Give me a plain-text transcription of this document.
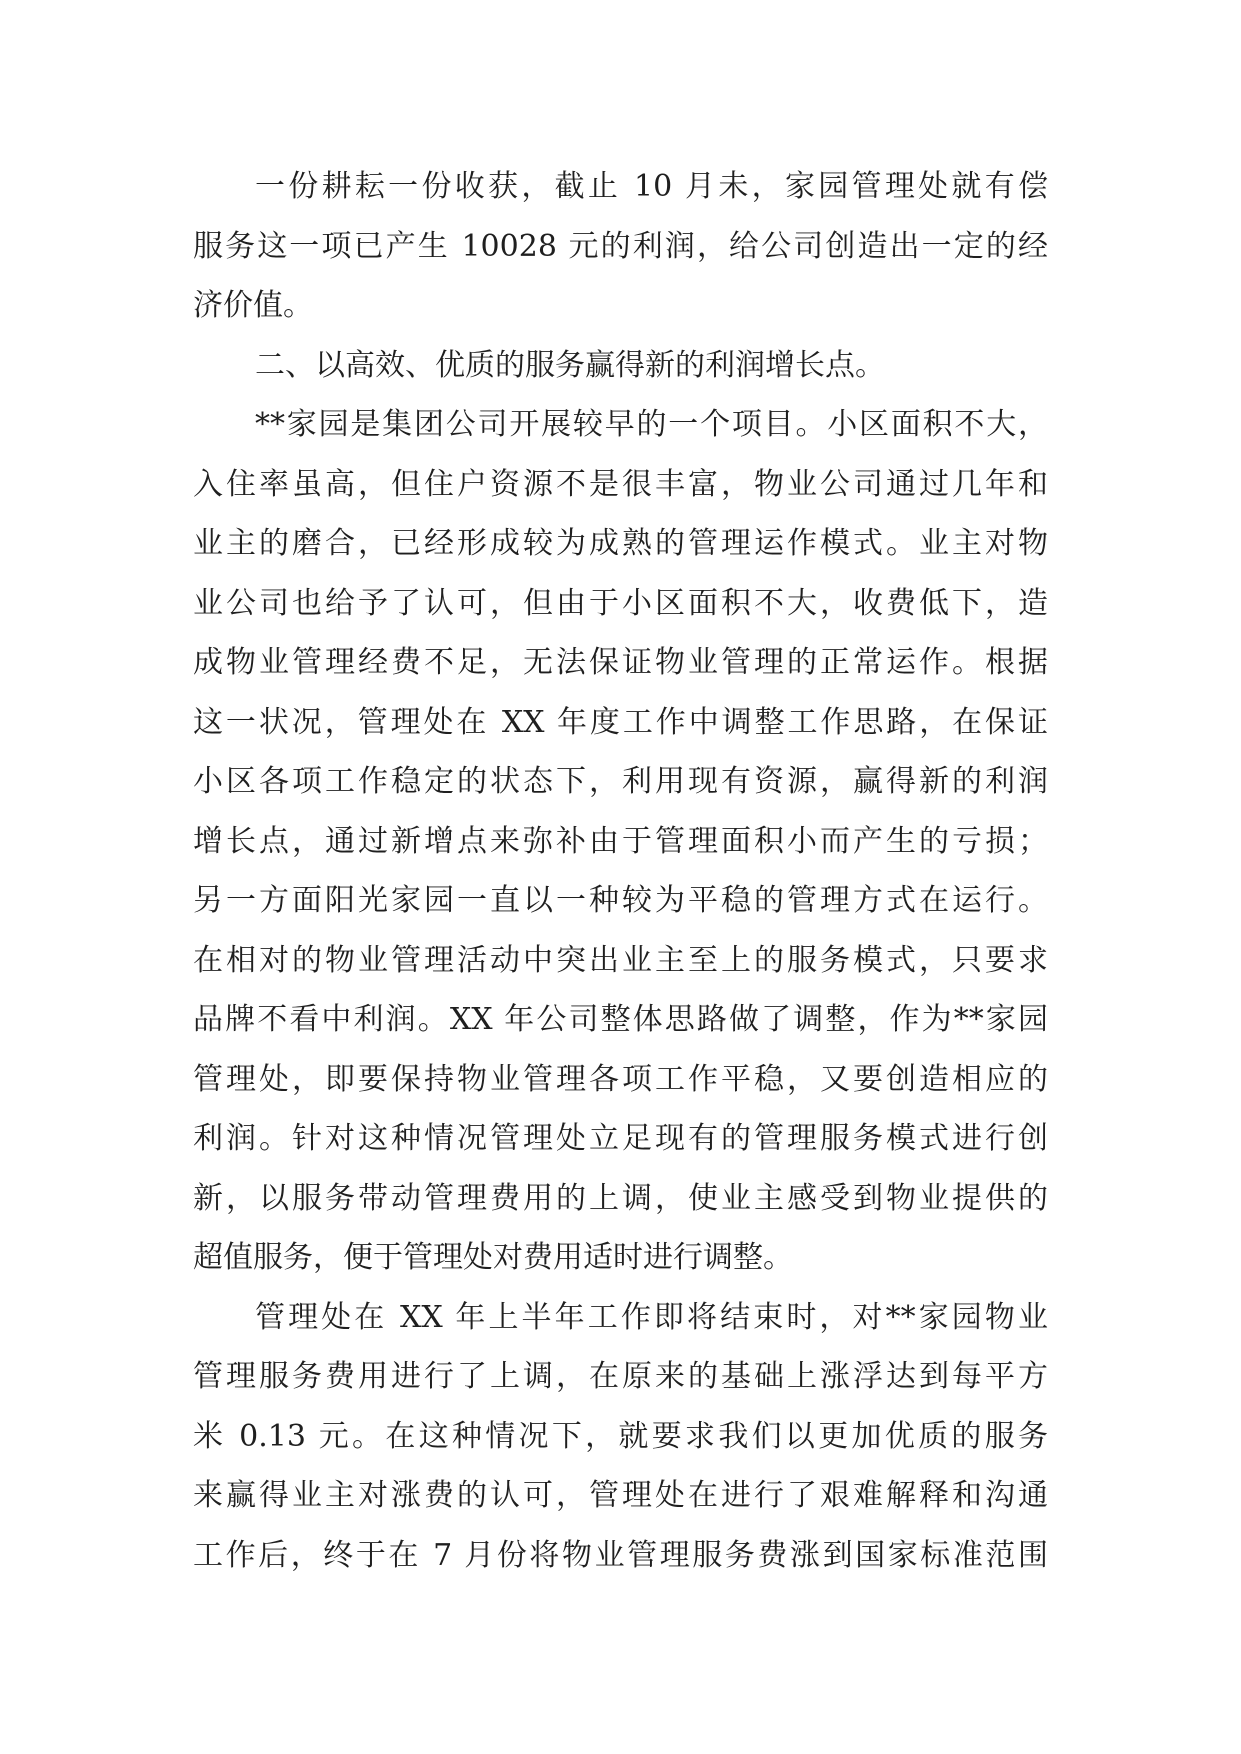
一份耕耘一份收获，截止 10 月未，家园管理处就有偿
服务这一项已产生 10028 元的利润，给公司创造出一定的经
济价值。
二、以高效、优质的服务赢得新的利润增长点。
**家园是集团公司开展较早的一个项目。小区面积不大，
入住率虽高，但住户资源不是很丰富，物业公司通过几年和
业主的磨合，已经形成较为成熟的管理运作模式。业主对物
业公司也给予了认可，但由于小区面积不大，收费低下，造
成物业管理经费不足，无法保证物业管理的正常运作。根据
这一状况，管理处在 XX 年度工作中调整工作思路，在保证
小区各项工作稳定的状态下，利用现有资源，赢得新的利润
增长点，通过新增点来弥补由于管理面积小而产生的亏损；
另一方面阳光家园一直以一种较为平稳的管理方式在运行。
在相对的物业管理活动中突出业主至上的服务模式，只要求
品牌不看中利润。XX 年公司整体思路做了调整，作为**家园
管理处，即要保持物业管理各项工作平稳，又要创造相应的
利润。针对这种情况管理处立足现有的管理服务模式进行创
新，以服务带动管理费用的上调，使业主感受到物业提供的
超值服务，便于管理处对费用适时进行调整。
管理处在 XX 年上半年工作即将结束时，对**家园物业
管理服务费用进行了上调，在原来的基础上涨浮达到每平方
米 0.13 元。在这种情况下，就要求我们以更加优质的服务
来赢得业主对涨费的认可，管理处在进行了艰难解释和沟通
工作后，终于在 7 月份将物业管理服务费涨到国家标准范围
